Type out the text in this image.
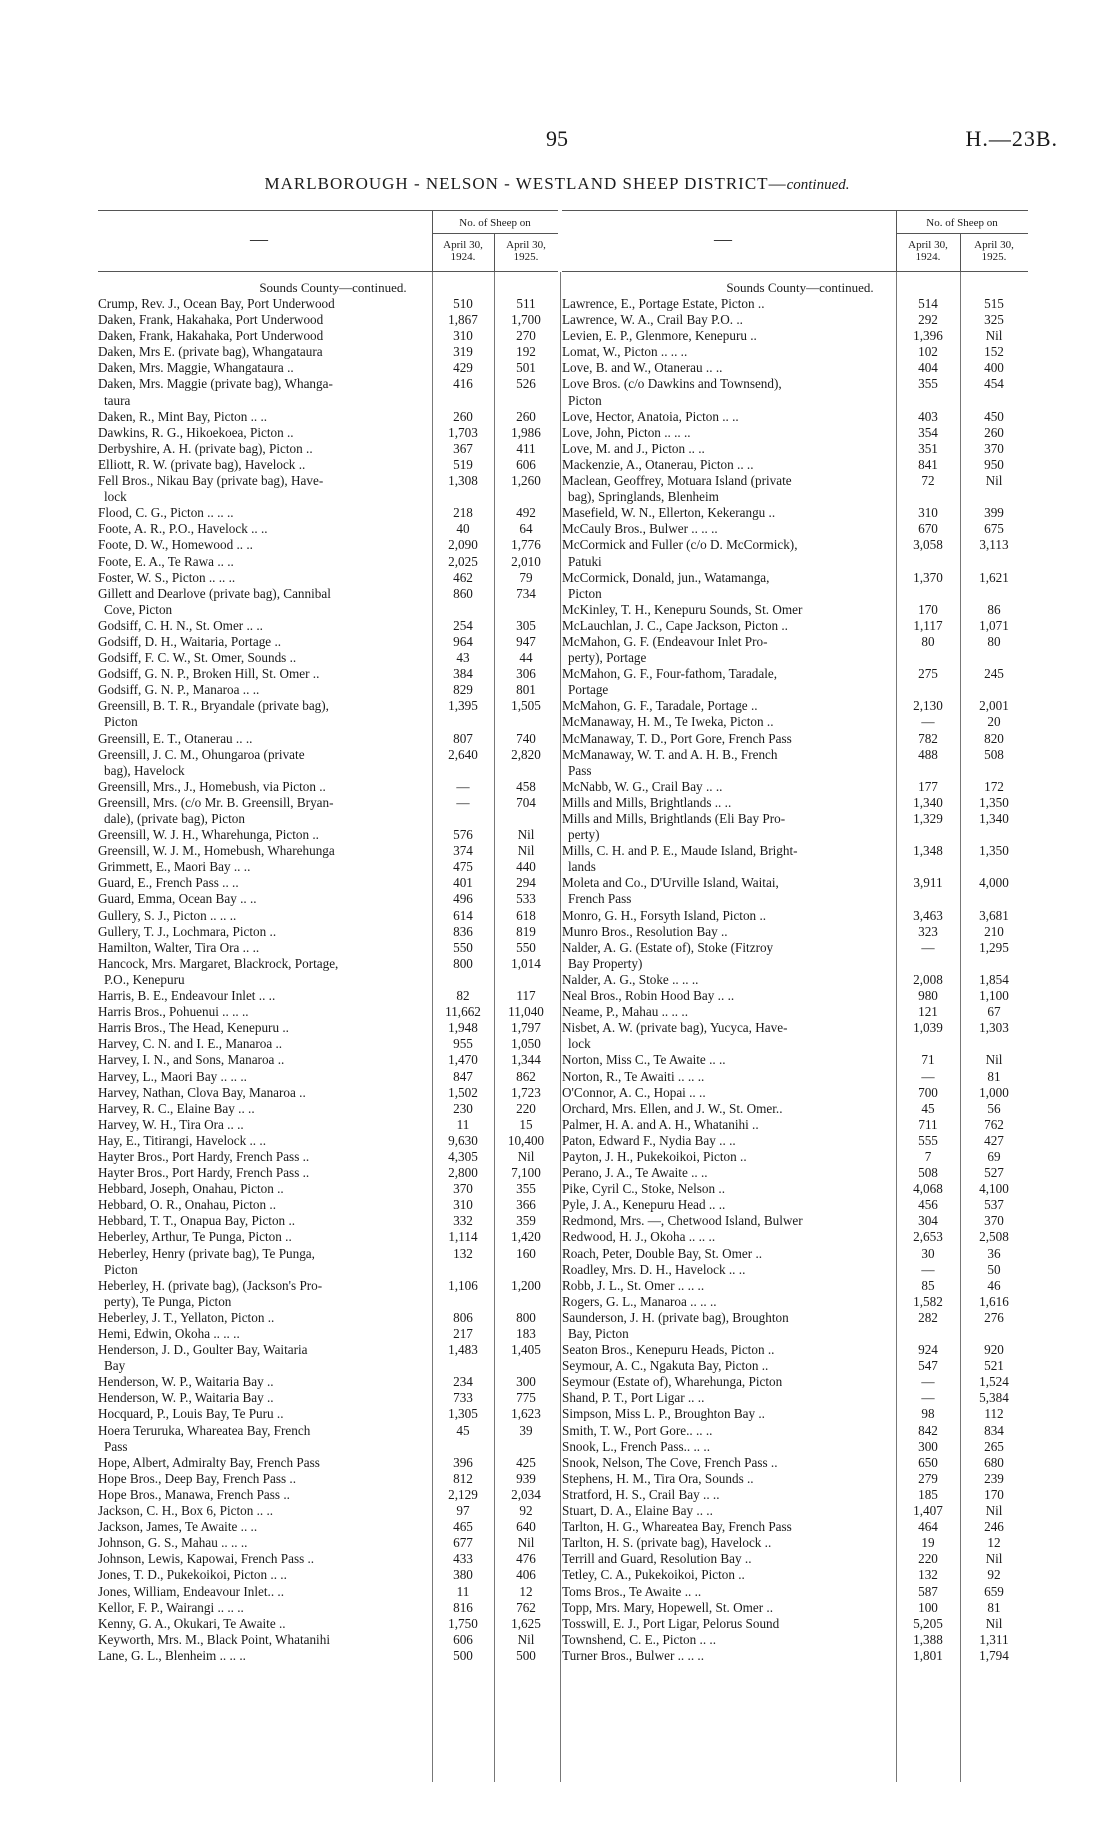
95	H.—23B.
MARLBOROUGH - NELSON - WESTLAND SHEEP DISTRICT—continued.
—
No. of Sheep on
April 30,
1924.
April 30,
1925.
Sounds County—continued.
Crump, Rev. J., Ocean Bay, Port Underwood	510	511
Daken, Frank, Hakahaka, Port Underwood	1,867	1,700
Daken, Frank, Hakahaka, Port Underwood	310	270
Daken, Mrs E. (private bag), Whangataura	319	192
Daken, Mrs. Maggie, Whangataura ..	429	501
Daken, Mrs. Maggie (private bag), Whanga-	416	526
taura
Daken, R., Mint Bay, Picton .. ..	260	260
Dawkins, R. G., Hikoekoea, Picton ..	1,703	1,986
Derbyshire, A. H. (private bag), Picton ..	367	411
Elliott, R. W. (private bag), Havelock ..	519	606
Fell Bros., Nikau Bay (private bag), Have-	1,308	1,260
lock
Flood, C. G., Picton .. .. ..	218	492
Foote, A. R., P.O., Havelock .. ..	40	64
Foote, D. W., Homewood .. ..	2,090	1,776
Foote, E. A., Te Rawa .. ..	2,025	2,010
Foster, W. S., Picton .. .. ..	462	79
Gillett and Dearlove (private bag), Cannibal	860	734
Cove, Picton
Godsiff, C. H. N., St. Omer .. ..	254	305
Godsiff, D. H., Waitaria, Portage ..	964	947
Godsiff, F. C. W., St. Omer, Sounds ..	43	44
Godsiff, G. N. P., Broken Hill, St. Omer ..	384	306
Godsiff, G. N. P., Manaroa .. ..	829	801
Greensill, B. T. R., Bryandale (private bag),	1,395	1,505
Picton
Greensill, E. T., Otanerau .. ..	807	740
Greensill, J. C. M., Ohungaroa (private	2,640	2,820
bag), Havelock
Greensill, Mrs., J., Homebush, via Picton ..	—	458
Greensill, Mrs. (c/o Mr. B. Greensill, Bryan-	—	704
dale), (private bag), Picton
Greensill, W. J. H., Wharehunga, Picton ..	576	Nil
Greensill, W. J. M., Homebush, Wharehunga	374	Nil
Grimmett, E., Maori Bay .. ..	475	440
Guard, E., French Pass .. ..	401	294
Guard, Emma, Ocean Bay .. ..	496	533
Gullery, S. J., Picton .. .. ..	614	618
Gullery, T. J., Lochmara, Picton ..	836	819
Hamilton, Walter, Tira Ora .. ..	550	550
Hancock, Mrs. Margaret, Blackrock, Portage,	800	1,014
P.O., Kenepuru
Harris, B. E., Endeavour Inlet .. ..	82	117
Harris Bros., Pohuenui .. .. ..	11,662	11,040
Harris Bros., The Head, Kenepuru ..	1,948	1,797
Harvey, C. N. and I. E., Manaroa ..	955	1,050
Harvey, I. N., and Sons, Manaroa ..	1,470	1,344
Harvey, L., Maori Bay .. .. ..	847	862
Harvey, Nathan, Clova Bay, Manaroa ..	1,502	1,723
Harvey, R. C., Elaine Bay .. ..	230	220
Harvey, W. H., Tira Ora .. ..	11	15
Hay, E., Titirangi, Havelock .. ..	9,630	10,400
Hayter Bros., Port Hardy, French Pass ..	4,305	Nil
Hayter Bros., Port Hardy, French Pass ..	2,800	7,100
Hebbard, Joseph, Onahau, Picton ..	370	355
Hebbard, O. R., Onahau, Picton ..	310	366
Hebbard, T. T., Onapua Bay, Picton ..	332	359
Heberley, Arthur, Te Punga, Picton ..	1,114	1,420
Heberley, Henry (private bag), Te Punga,	132	160
Picton
Heberley, H. (private bag), (Jackson's Pro-	1,106	1,200
perty), Te Punga, Picton
Heberley, J. T., Yellaton, Picton ..	806	800
Hemi, Edwin, Okoha .. .. ..	217	183
Henderson, J. D., Goulter Bay, Waitaria	1,483	1,405
Bay
Henderson, W. P., Waitaria Bay ..	234	300
Henderson, W. P., Waitaria Bay ..	733	775
Hocquard, P., Louis Bay, Te Puru ..	1,305	1,623
Hoera Teruruka, Whareatea Bay, French	45	39
Pass
Hope, Albert, Admiralty Bay, French Pass	396	425
Hope Bros., Deep Bay, French Pass ..	812	939
Hope Bros., Manawa, French Pass ..	2,129	2,034
Jackson, C. H., Box 6, Picton .. ..	97	92
Jackson, James, Te Awaite .. ..	465	640
Johnson, G. S., Mahau .. .. ..	677	Nil
Johnson, Lewis, Kapowai, French Pass ..	433	476
Jones, T. D., Pukekoikoi, Picton .. ..	380	406
Jones, William, Endeavour Inlet.. ..	11	12
Kellor, F. P., Wairangi .. .. ..	816	762
Kenny, G. A., Okukari, Te Awaite ..	1,750	1,625
Keyworth, Mrs. M., Black Point, Whatanihi	606	Nil
Lane, G. L., Blenheim .. .. ..	500	500
—
No. of Sheep on
April 30,
1924.
April 30,
1925.
Sounds County—continued.
Lawrence, E., Portage Estate, Picton ..	514	515
Lawrence, W. A., Crail Bay P.O. ..	292	325
Levien, E. P., Glenmore, Kenepuru ..	1,396	Nil
Lomat, W., Picton .. .. ..	102	152
Love, B. and W., Otanerau .. ..	404	400
Love Bros. (c/o Dawkins and Townsend),	355	454
Picton
Love, Hector, Anatoia, Picton .. ..	403	450
Love, John, Picton .. .. ..	354	260
Love, M. and J., Picton .. ..	351	370
Mackenzie, A., Otanerau, Picton .. ..	841	950
Maclean, Geoffrey, Motuara Island (private	72	Nil
bag), Springlands, Blenheim
Masefield, W. N., Ellerton, Kekerangu ..	310	399
McCauly Bros., Bulwer .. .. ..	670	675
McCormick and Fuller (c/o D. McCormick),	3,058	3,113
Patuki
McCormick, Donald, jun., Watamanga,	1,370	1,621
Picton
McKinley, T. H., Kenepuru Sounds, St. Omer	170	86
McLauchlan, J. C., Cape Jackson, Picton ..	1,117	1,071
McMahon, G. F. (Endeavour Inlet Pro-	80	80
perty), Portage
McMahon, G. F., Four-fathom, Taradale,	275	245
Portage
McMahon, G. F., Taradale, Portage ..	2,130	2,001
McManaway, H. M., Te Iweka, Picton ..	—	20
McManaway, T. D., Port Gore, French Pass	782	820
McManaway, W. T. and A. H. B., French	488	508
Pass
McNabb, W. G., Crail Bay .. ..	177	172
Mills and Mills, Brightlands .. ..	1,340	1,350
Mills and Mills, Brightlands (Eli Bay Pro-	1,329	1,340
perty)
Mills, C. H. and P. E., Maude Island, Bright-	1,348	1,350
lands
Moleta and Co., D'Urville Island, Waitai,	3,911	4,000
French Pass
Monro, G. H., Forsyth Island, Picton ..	3,463	3,681
Munro Bros., Resolution Bay ..	323	210
Nalder, A. G. (Estate of), Stoke (Fitzroy	—	1,295
Bay Property)
Nalder, A. G., Stoke .. .. ..	2,008	1,854
Neal Bros., Robin Hood Bay .. ..	980	1,100
Neame, P., Mahau .. .. ..	121	67
Nisbet, A. W. (private bag), Yucyca, Have-	1,039	1,303
lock
Norton, Miss C., Te Awaite .. ..	71	Nil
Norton, R., Te Awaiti .. .. ..	—	81
O'Connor, A. C., Hopai .. ..	700	1,000
Orchard, Mrs. Ellen, and J. W., St. Omer..	45	56
Palmer, H. A. and A. H., Whatanihi ..	711	762
Paton, Edward F., Nydia Bay .. ..	555	427
Payton, J. H., Pukekoikoi, Picton ..	7	69
Perano, J. A., Te Awaite .. ..	508	527
Pike, Cyril C., Stoke, Nelson ..	4,068	4,100
Pyle, J. A., Kenepuru Head .. ..	456	537
Redmond, Mrs. —, Chetwood Island, Bulwer	304	370
Redwood, H. J., Okoha .. .. ..	2,653	2,508
Roach, Peter, Double Bay, St. Omer ..	30	36
Roadley, Mrs. D. H., Havelock .. ..	—	50
Robb, J. L., St. Omer .. .. ..	85	46
Rogers, G. L., Manaroa .. .. ..	1,582	1,616
Saunderson, J. H. (private bag), Broughton	282	276
Bay, Picton
Seaton Bros., Kenepuru Heads, Picton ..	924	920
Seymour, A. C., Ngakuta Bay, Picton ..	547	521
Seymour (Estate of), Wharehunga, Picton	—	1,524
Shand, P. T., Port Ligar .. ..	—	5,384
Simpson, Miss L. P., Broughton Bay ..	98	112
Smith, T. W., Port Gore.. .. ..	842	834
Snook, L., French Pass.. .. ..	300	265
Snook, Nelson, The Cove, French Pass ..	650	680
Stephens, H. M., Tira Ora, Sounds ..	279	239
Stratford, H. S., Crail Bay .. ..	185	170
Stuart, D. A., Elaine Bay .. ..	1,407	Nil
Tarlton, H. G., Whareatea Bay, French Pass	464	246
Tarlton, H. S. (private bag), Havelock ..	19	12
Terrill and Guard, Resolution Bay ..	220	Nil
Tetley, C. A., Pukekoikoi, Picton ..	132	92
Toms Bros., Te Awaite .. ..	587	659
Topp, Mrs. Mary, Hopewell, St. Omer ..	100	81
Tosswill, E. J., Port Ligar, Pelorus Sound	5,205	Nil
Townshend, C. E., Picton .. ..	1,388	1,311
Turner Bros., Bulwer .. .. ..	1,801	1,794
